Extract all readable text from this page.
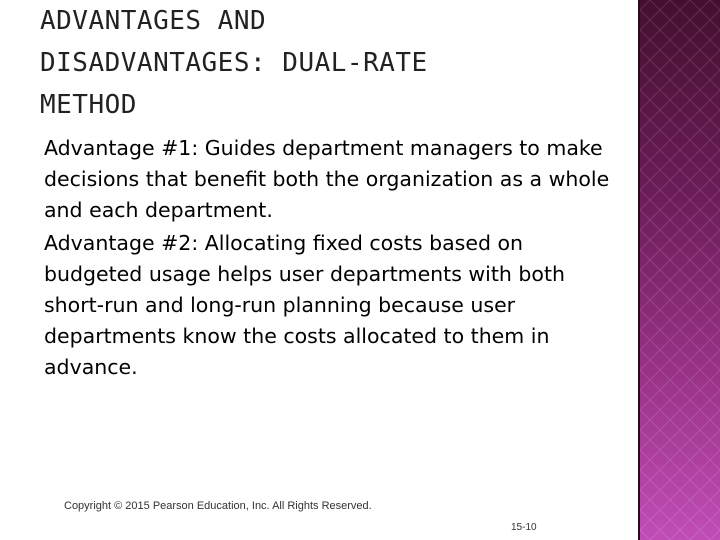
ADVANTAGES AND
DISADVANTAGES: DUAL-RATE
METHOD

Advantage #1: Guides department managers to make decisions that benefit both the organization as a whole and each department.

Advantage #2: Allocating fixed costs based on budgeted usage helps user departments with both short-run and long-run planning because user departments know the costs allocated to them in advance.

Copyright © 2015 Pearson Education, Inc. All Rights Reserved.

15-10
